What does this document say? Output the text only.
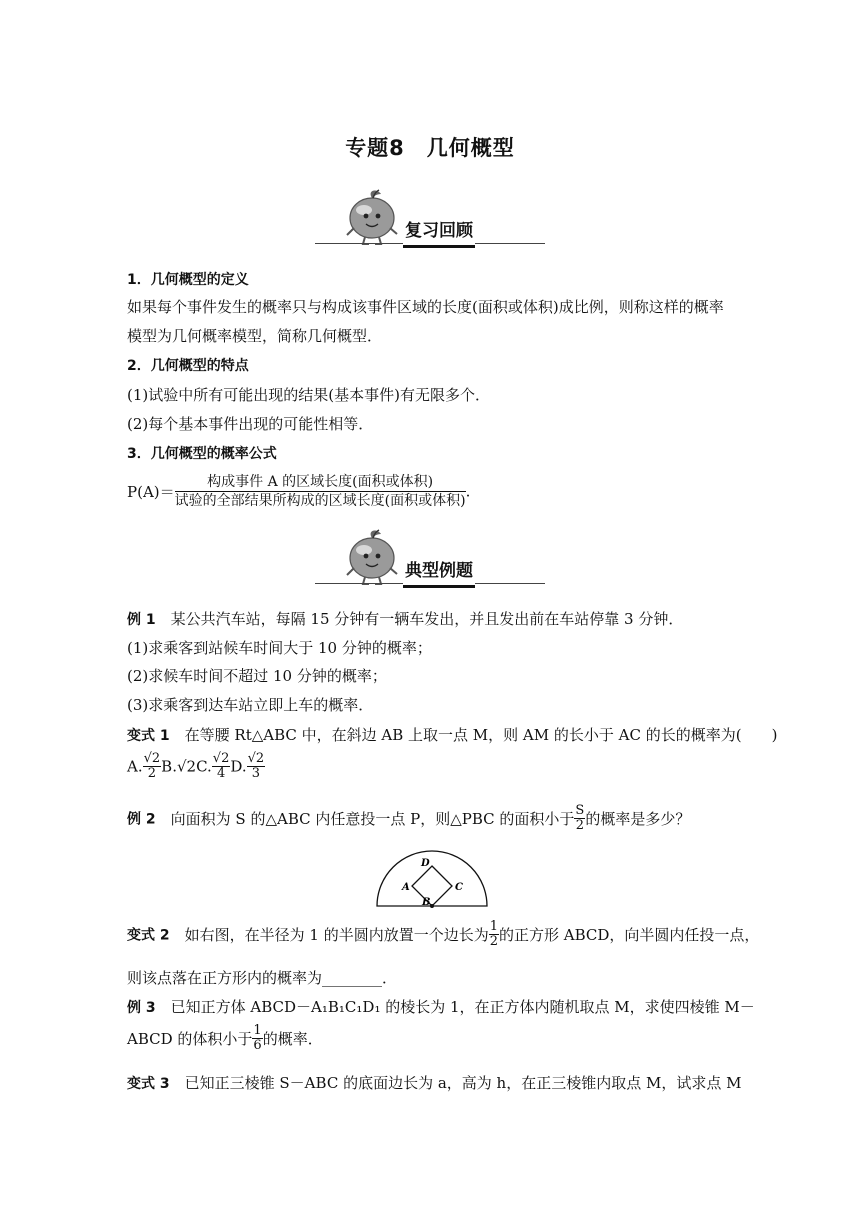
专题8　几何概型
复习回顾
1．几何概型的定义
如果每个事件发生的概率只与构成该事件区域的长度(面积或体积)成比例，则称这样的概率
模型为几何概率模型，简称几何概型．
2．几何概型的特点
(1)试验中所有可能出现的结果(基本事件)有无限多个．
(2)每个基本事件出现的可能性相等．
3．几何概型的概率公式
$P(A)= \frac{\text{构成事件 A 的区域长度(面积或体积)}}{\text{试验的全部结果所构成的区域长度(面积或体积)}}$ .
典型例题
例 1　 某公共汽车站，每隔 15 分钟有一辆车发出，并且发出前在车站停靠 3 分钟．
(1)求乘客到站候车时间大于 10 分钟的概率；
(2)求候车时间不超过 10 分钟的概率；
(3)求乘客到达车站立即上车的概率．
变式 1　 在等腰 Rt△ABC 中，在斜边 AB 上取一点 M，则 AM 的长小于 AC 的长的概率为(　　)
A. $\frac{√2}{2} B.√2C$. $\frac{√2}{4} D$. $\frac{√2}{3}$
例 2　 向面积为 S 的△ABC 内任意投一点 P，则△PBC 的面积小于 $\frac{S}{2}$ 的概率是多少？
D
A	C
B
变式 2　 如右图，在半径为 1 的半圆内放置一个边长为 $\frac{1}{2}$ 的正方形 ABCD，向半圆内任投一点，
则该点落在正方形内的概率为________．
例 3　 已知正方体 ABCD－A₁B₁C₁D₁ 的棱长为 1，在正方体内随机取点 M，求使四棱锥 M－
ABCD 的体积小于 $\frac{1}{6}$ 的概率．
变式 3　 已知正三棱锥 S－ABC 的底面边长为 a，高为 h，在正三棱锥内取点 M，试求点 M
